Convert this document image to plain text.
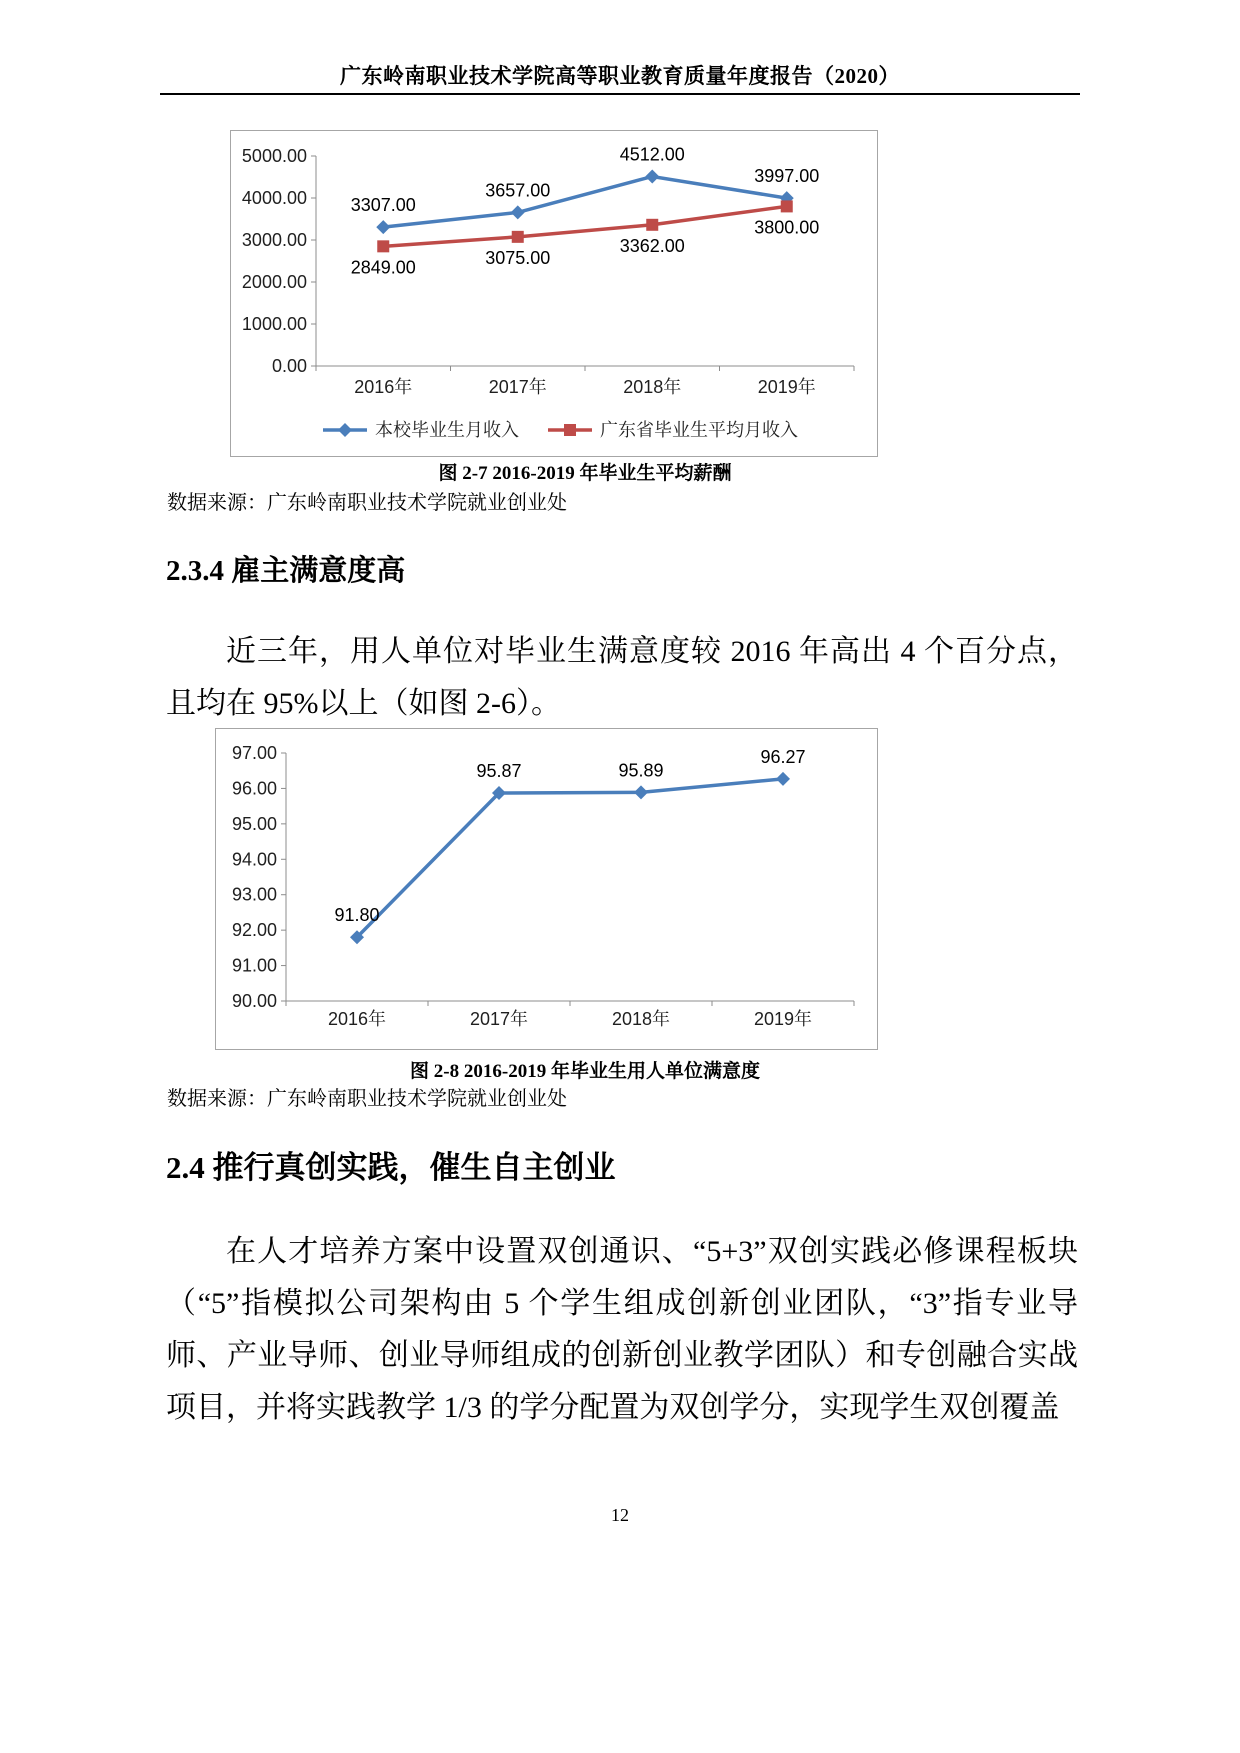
广东岭南职业技术学院高等职业教育质量年度报告（2020）
0.00
1000.00
2000.00
3000.00
4000.00
5000.00
2016年	2017年	2018年	2019年
3307.00
3657.00
4512.00
3997.00
2849.00	3075.00
3362.00
3800.00
本校毕业生月收入	广东省毕业生平均月收入
图 2-7 2016-2019 年毕业生平均薪酬
数据来源：广东岭南职业技术学院就业创业处
2.3.4 雇主满意度高
近三年，用人单位对毕业生满意度较 2016 年高出 4 个百分点，且均在 95%以上（如图 2-6）。
90.00
91.00
92.00
93.00
94.00
95.00
96.00
97.00
2016年	2017年	2018年	2019年
91.80
95.87	95.89
96.27
图 2-8 2016-2019 年毕业生用人单位满意度
数据来源：广东岭南职业技术学院就业创业处
2.4 推行真创实践，催生自主创业
在人才培养方案中设置双创通识、“5+3”双创实践必修课程板块（“5”指模拟公司架构由 5 个学生组成创新创业团队，“3”指专业导师、产业导师、创业导师组成的创新创业教学团队）和专创融合实战项目，并将实践教学 1/3 的学分配置为双创学分，实现学生双创覆盖
12
